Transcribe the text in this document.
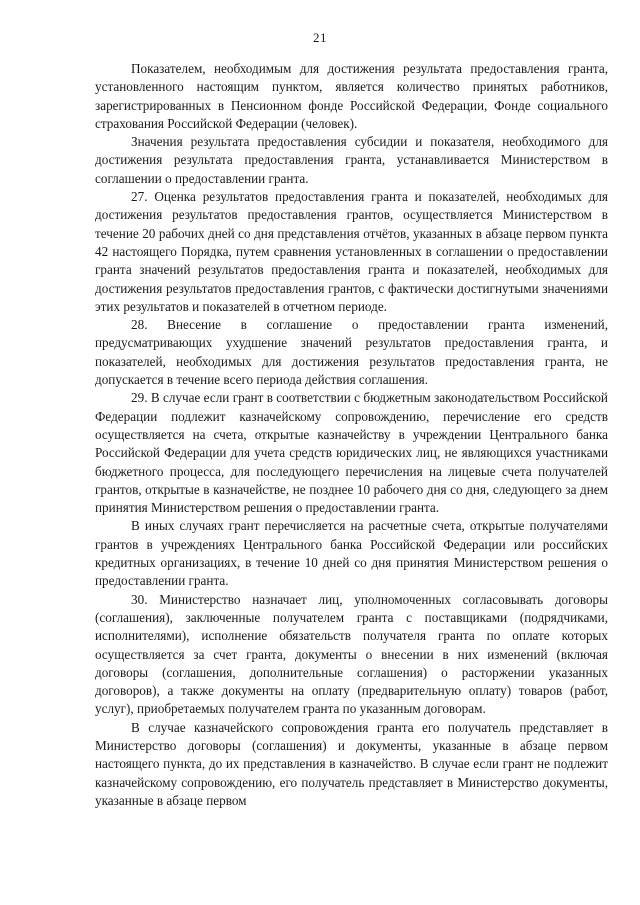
21

Показателем, необходимым для достижения результата предоставления гранта, установленного настоящим пунктом, является количество принятых работников, зарегистрированных в Пенсионном фонде Российской Федерации, Фонде социального страхования Российской Федерации (человек).

Значения результата предоставления субсидии и показателя, необходимого для достижения результата предоставления гранта, устанавливается Министерством в соглашении о предоставлении гранта.

27. Оценка результатов предоставления гранта и показателей, необходимых для достижения результатов предоставления грантов, осуществляется Министерством в течение 20 рабочих дней со дня представления отчётов, указанных в абзаце первом пункта 42 настоящего Порядка, путем сравнения установленных в соглашении о предоставлении гранта значений результатов предоставления гранта и показателей, необходимых для достижения результатов предоставления грантов, с фактически достигнутыми значениями этих результатов и показателей в отчетном периоде.

28. Внесение в соглашение о предоставлении гранта изменений, предусматривающих ухудшение значений результатов предоставления гранта, и показателей, необходимых для достижения результатов предоставления гранта, не допускается в течение всего периода действия соглашения.

29. В случае если грант в соответствии с бюджетным законодательством Российской Федерации подлежит казначейскому сопровождению, перечисление его средств осуществляется на счета, открытые казначейству в учреждении Центрального банка Российской Федерации для учета средств юридических лиц, не являющихся участниками бюджетного процесса, для последующего перечисления на лицевые счета получателей грантов, открытые в казначействе, не позднее 10 рабочего дня со дня, следующего за днем принятия Министерством решения о предоставлении гранта.

В иных случаях грант перечисляется на расчетные счета, открытые получателями грантов в учреждениях Центрального банка Российской Федерации или российских кредитных организациях, в течение 10 дней со дня принятия Министерством решения о предоставлении гранта.

30. Министерство назначает лиц, уполномоченных согласовывать договоры (соглашения), заключенные получателем гранта с поставщиками (подрядчиками, исполнителями), исполнение обязательств получателя гранта по оплате которых осуществляется за счет гранта, документы о внесении в них изменений (включая договоры (соглашения, дополнительные соглашения) о расторжении указанных договоров), а также документы на оплату (предварительную оплату) товаров (работ, услуг), приобретаемых получателем гранта по указанным договорам.

В случае казначейского сопровождения гранта его получатель представляет в Министерство договоры (соглашения) и документы, указанные в абзаце первом настоящего пункта, до их представления в казначейство. В случае если грант не подлежит казначейскому сопровождению, его получатель представляет в Министерство документы, указанные в абзаце первом
